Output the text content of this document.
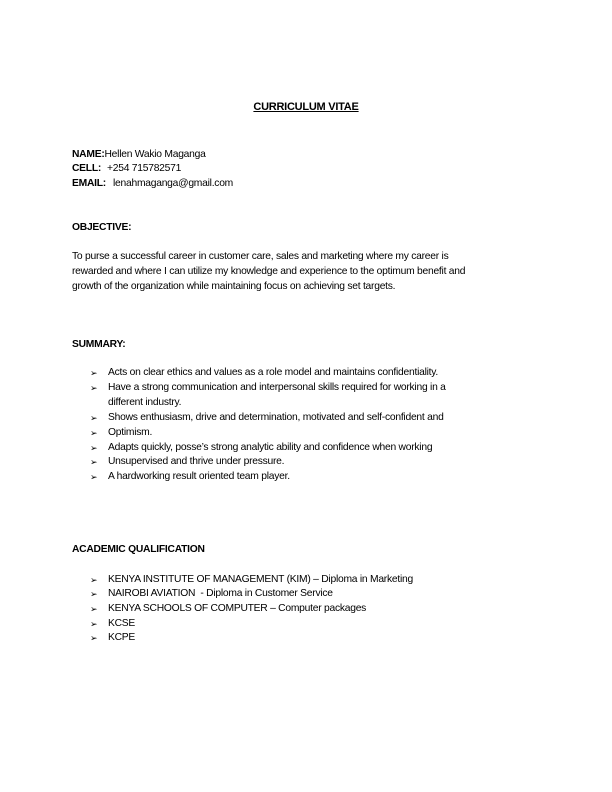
CURRICULUM VITAE
NAME:Hellen Wakio Maganga
CELL: +254 715782571
EMAIL: lenahmaganga@gmail.com
OBJECTIVE:
To purse a successful career in customer care, sales and marketing where my career is
rewarded and where I can utilize my knowledge and experience to the optimum benefit and
growth of the organization while maintaining focus on achieving set targets.
SUMMARY:
➢ Acts on clear ethics and values as a role model and maintains confidentiality.
➢ Have a strong communication and interpersonal skills required for working in a
different industry.
➢ Shows enthusiasm, drive and determination, motivated and self-confident and
➢ Optimism.
➢ Adapts quickly, posse’s strong analytic ability and confidence when working
➢ Unsupervised and thrive under pressure.
➢ A hardworking result oriented team player.
ACADEMIC QUALIFICATION
➢ KENYA INSTITUTE OF MANAGEMENT (KIM) – Diploma in Marketing
➢ NAIROBI AVIATION  - Diploma in Customer Service
➢ KENYA SCHOOLS OF COMPUTER – Computer packages
➢ KCSE
➢ KCPE
